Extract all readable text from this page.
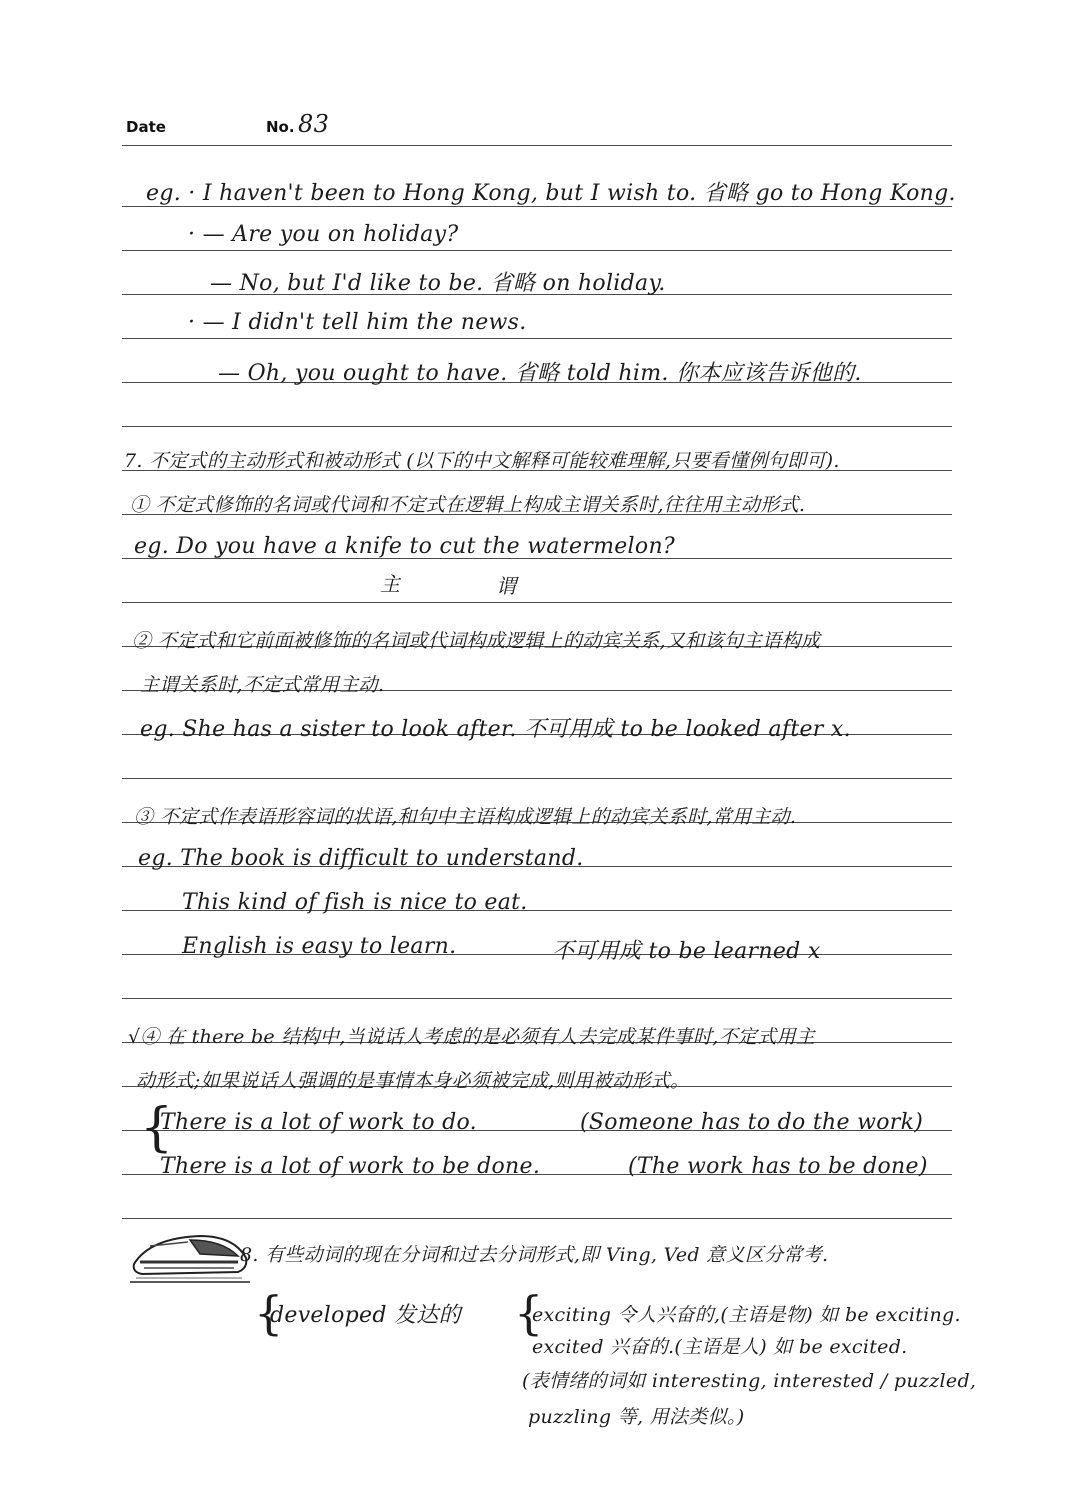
Date	No. 83
eg. · I haven't been to Hong Kong, but I wish to. 省略 go to Hong Kong.
· — Are you on holiday?
— No, but I'd like to be. 省略 on holiday.
· — I didn't tell him the news.
— Oh, you ought to have. 省略 told him. 你本应该告诉他的.
7. 不定式的主动形式和被动形式 (以下的中文解释可能较难理解,只要看懂例句即可).
① 不定式修饰的名词或代词和不定式在逻辑上构成主谓关系时,往往用主动形式.
eg. Do you have a knife to cut the watermelon?
主	谓
② 不定式和它前面被修饰的名词或代词构成逻辑上的动宾关系,又和该句主语构成
主谓关系时,不定式常用主动.
eg. She has a sister to look after. 不可用成 to be looked after x.
③ 不定式作表语形容词的状语,和句中主语构成逻辑上的动宾关系时,常用主动.
eg. The book is difficult to understand.
This kind of fish is nice to eat.
English is easy to learn.	不可用成 to be learned x
√④ 在 there be 结构中,当说话人考虑的是必须有人去完成某件事时,不定式用主
动形式;如果说话人强调的是事情本身必须被完成,则用被动形式。
{
There is a lot of work to do.	(Someone has to do the work)
There is a lot of work to be done.	(The work has to be done)
8. 有些动词的现在分词和过去分词形式,即 Ving, Ved 意义区分常考.
{
developed 发达的 {
exciting 令人兴奋的,(主语是物) 如 be exciting.
excited 兴奋的.(主语是人) 如 be excited.
(表情绪的词如 interesting, interested / puzzled,
puzzling 等, 用法类似。)
